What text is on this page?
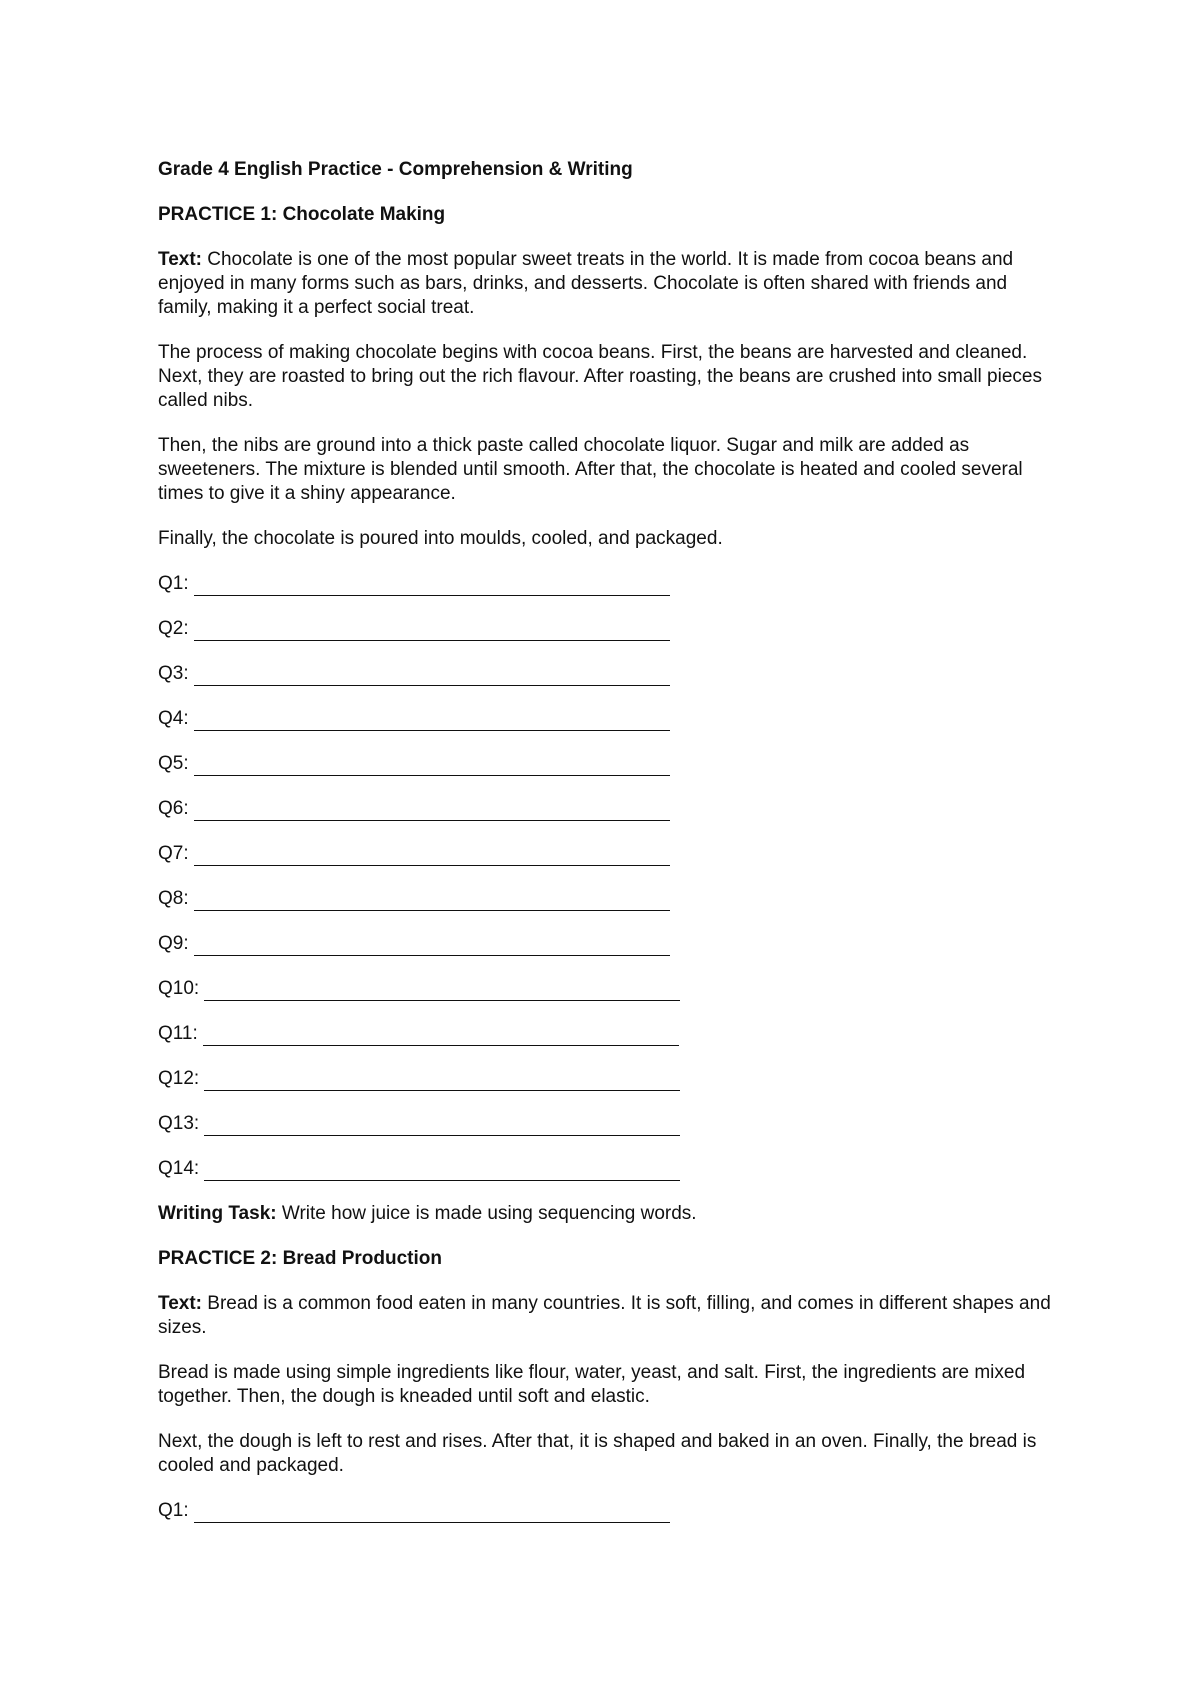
Grade 4 English Practice - Comprehension & Writing
PRACTICE 1: Chocolate Making
Text: Chocolate is one of the most popular sweet treats in the world. It is made from cocoa beans and enjoyed in many forms such as bars, drinks, and desserts. Chocolate is often shared with friends and family, making it a perfect social treat.
The process of making chocolate begins with cocoa beans. First, the beans are harvested and cleaned. Next, they are roasted to bring out the rich flavour. After roasting, the beans are crushed into small pieces called nibs.
Then, the nibs are ground into a thick paste called chocolate liquor. Sugar and milk are added as sweeteners. The mixture is blended until smooth. After that, the chocolate is heated and cooled several times to give it a shiny appearance.
Finally, the chocolate is poured into moulds, cooled, and packaged.
Q1:
Q2:
Q3:
Q4:
Q5:
Q6:
Q7:
Q8:
Q9:
Q10:
Q11:
Q12:
Q13:
Q14:
Writing Task: Write how juice is made using sequencing words.
PRACTICE 2: Bread Production
Text: Bread is a common food eaten in many countries. It is soft, filling, and comes in different shapes and sizes.
Bread is made using simple ingredients like flour, water, yeast, and salt. First, the ingredients are mixed together. Then, the dough is kneaded until soft and elastic.
Next, the dough is left to rest and rises. After that, it is shaped and baked in an oven. Finally, the bread is cooled and packaged.
Q1:
